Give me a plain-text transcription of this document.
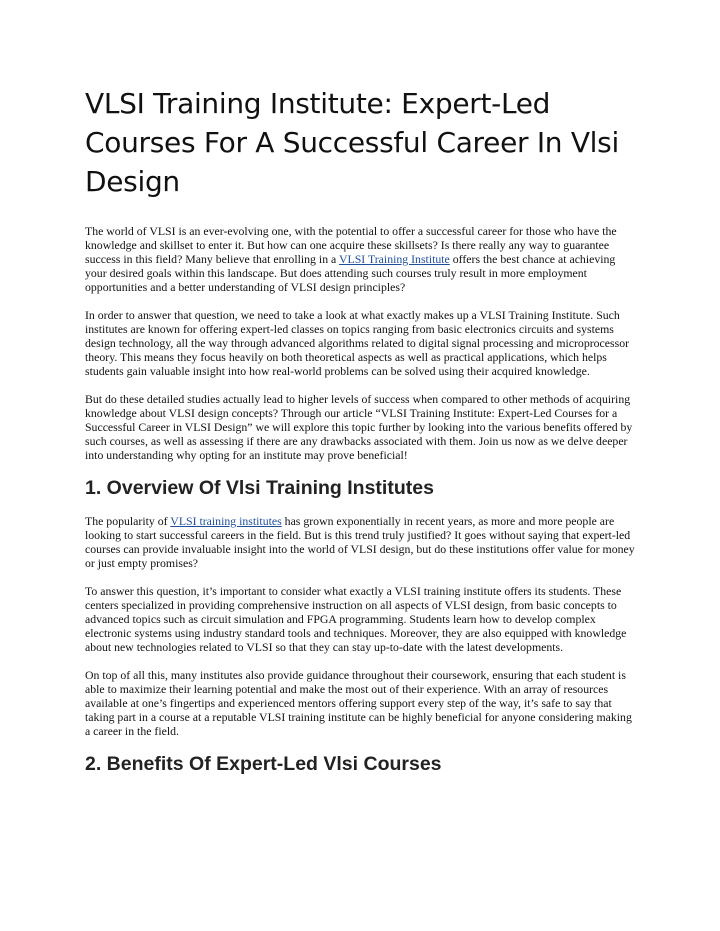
VLSI Training Institute: Expert-Led Courses For A Successful Career In Vlsi Design

The world of VLSI is an ever-evolving one, with the potential to offer a successful career for those who have the knowledge and skillset to enter it. But how can one acquire these skillsets? Is there really any way to guarantee success in this field? Many believe that enrolling in a VLSI Training Institute offers the best chance at achieving your desired goals within this landscape. But does attending such courses truly result in more employment opportunities and a better understanding of VLSI design principles?

In order to answer that question, we need to take a look at what exactly makes up a VLSI Training Institute. Such institutes are known for offering expert-led classes on topics ranging from basic electronics circuits and systems design technology, all the way through advanced algorithms related to digital signal processing and microprocessor theory. This means they focus heavily on both theoretical aspects as well as practical applications, which helps students gain valuable insight into how real-world problems can be solved using their acquired knowledge.

But do these detailed studies actually lead to higher levels of success when compared to other methods of acquiring knowledge about VLSI design concepts? Through our article “VLSI Training Institute: Expert-Led Courses for a Successful Career in VLSI Design” we will explore this topic further by looking into the various benefits offered by such courses, as well as assessing if there are any drawbacks associated with them. Join us now as we delve deeper into understanding why opting for an institute may prove beneficial!

1. Overview Of Vlsi Training Institutes

The popularity of VLSI training institutes has grown exponentially in recent years, as more and more people are looking to start successful careers in the field. But is this trend truly justified? It goes without saying that expert-led courses can provide invaluable insight into the world of VLSI design, but do these institutions offer value for money or just empty promises?

To answer this question, it’s important to consider what exactly a VLSI training institute offers its students. These centers specialized in providing comprehensive instruction on all aspects of VLSI design, from basic concepts to advanced topics such as circuit simulation and FPGA programming. Students learn how to develop complex electronic systems using industry standard tools and techniques. Moreover, they are also equipped with knowledge about new technologies related to VLSI so that they can stay up-to-date with the latest developments.

On top of all this, many institutes also provide guidance throughout their coursework, ensuring that each student is able to maximize their learning potential and make the most out of their experience. With an array of resources available at one’s fingertips and experienced mentors offering support every step of the way, it’s safe to say that taking part in a course at a reputable VLSI training institute can be highly beneficial for anyone considering making a career in the field.

2. Benefits Of Expert-Led Vlsi Courses
